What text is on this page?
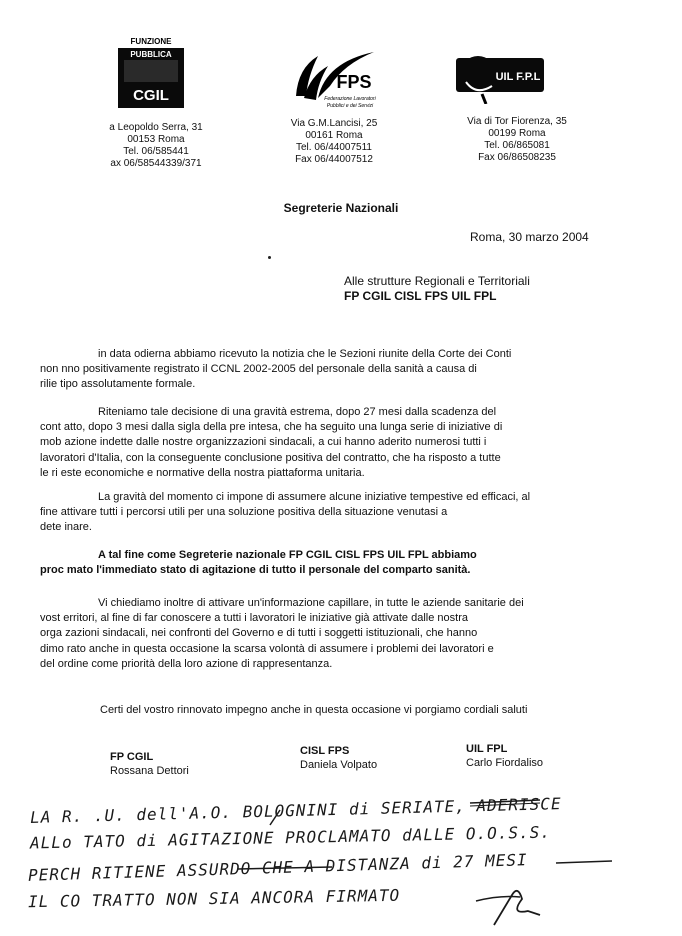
FUNZIONE
PUBBLICA
CGIL
FPS
Federazione Lavoratori
Pubblici e dei Servizi
UIL F.P.L
a Leopoldo Serra, 31
00153 Roma
Tel. 06/585441
ax 06/58544339/371
Via G.M.Lancisi, 25
00161 Roma
Tel. 06/44007511
Fax 06/44007512
Via di Tor Fiorenza, 35
00199 Roma
Tel. 06/865081
Fax 06/86508235
Segreterie Nazionali
Roma, 30 marzo 2004
Alle strutture Regionali e Territoriali
FP CGIL CISL FPS UIL FPL
in data odierna abbiamo ricevuto la notizia che le Sezioni riunite della Corte dei Conti
non nno positivamente registrato il CCNL 2002-2005 del personale della sanità a causa di
rilie tipo assolutamente formale.
Riteniamo tale decisione di una gravità estrema, dopo 27 mesi dalla scadenza del
cont atto, dopo 3 mesi dalla sigla della pre intesa, che ha seguito una lunga serie di iniziative di
mob azione indette dalle nostre organizzazioni sindacali, a cui hanno aderito numerosi tutti i
lavoratori d'Italia, con la conseguente conclusione positiva del contratto, che ha risposto a tutte
le ri este economiche e normative della nostra piattaforma unitaria.
La gravità del momento ci impone di assumere alcune iniziative tempestive ed efficaci, al
fine attivare tutti i percorsi utili per una soluzione positiva della situazione venutasi a
dete inare.
A tal fine come Segreterie nazionale FP CGIL CISL FPS UIL FPL abbiamo
proc mato l'immediato stato di agitazione di tutto il personale del comparto sanità.
Vi chiediamo inoltre di attivare un'informazione capillare, in tutte le aziende sanitarie dei
vost erritori, al fine di far conoscere a tutti i lavoratori le iniziative già attivate dalle nostra
orga zazioni sindacali, nei confronti del Governo e di tutti i soggetti istituzionali, che hanno
dimo rato anche in questa occasione la scarsa volontà di assumere i problemi dei lavoratori e
del ordine come priorità della loro azione di rappresentanza.
Certi del vostro rinnovato impegno anche in questa occasione vi porgiamo cordiali saluti
FP CGIL
Rossana Dettori
CISL FPS
Daniela Volpato
UIL FPL
Carlo Fiordaliso
LA R. .U. dell'A.O. BOLOGNINI di SERIATE, ADERISCE
ALLo TATO di AGITAZIONE PROCLAMATO dALLE O.O.S.S.
PERCH RITIENE ASSURDO CHE A DISTANZA di 27 MESI
IL CO TRATTO NON SIA ANCORA FIRMATO
